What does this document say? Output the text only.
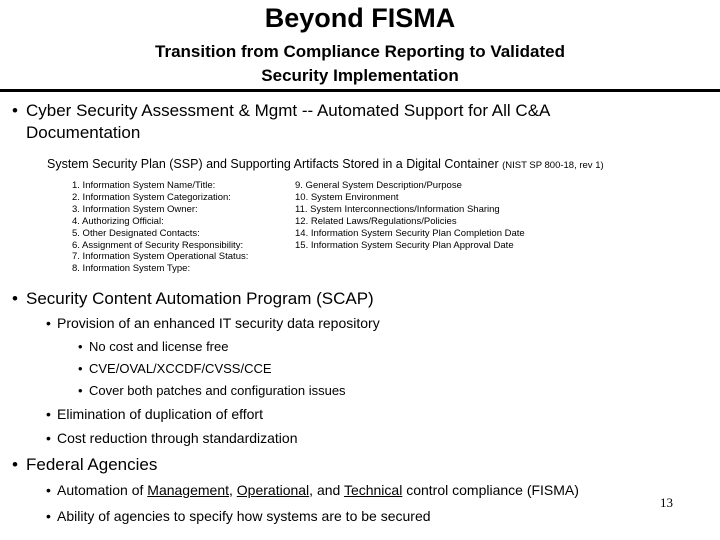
Beyond FISMA
Transition from Compliance Reporting to Validated
Security Implementation
• Cyber Security Assessment & Mgmt -- Automated Support for All C&A
Documentation
System Security Plan (SSP) and Supporting Artifacts Stored in a Digital Container (NIST SP 800-18, rev 1)
1. Information System Name/Title:
2. Information System Categorization:
3. Information System Owner:
4. Authorizing Official:
5. Other Designated Contacts:
6. Assignment of Security Responsibility:
7. Information System Operational Status:
8. Information System Type:
9. General System Description/Purpose
10. System Environment
11. System Interconnections/Information Sharing
12. Related Laws/Regulations/Policies
14. Information System Security Plan Completion Date
15. Information System Security Plan Approval Date
• Security Content Automation Program (SCAP)
• Provision of an enhanced IT security data repository
• No cost and license free
• CVE/OVAL/XCCDF/CVSS/CCE
• Cover both patches and configuration issues
• Elimination of duplication of effort
• Cost reduction through standardization
• Federal Agencies
• Automation of Management, Operational, and Technical control compliance (FISMA)
• Ability of agencies to specify how systems are to be secured
13
